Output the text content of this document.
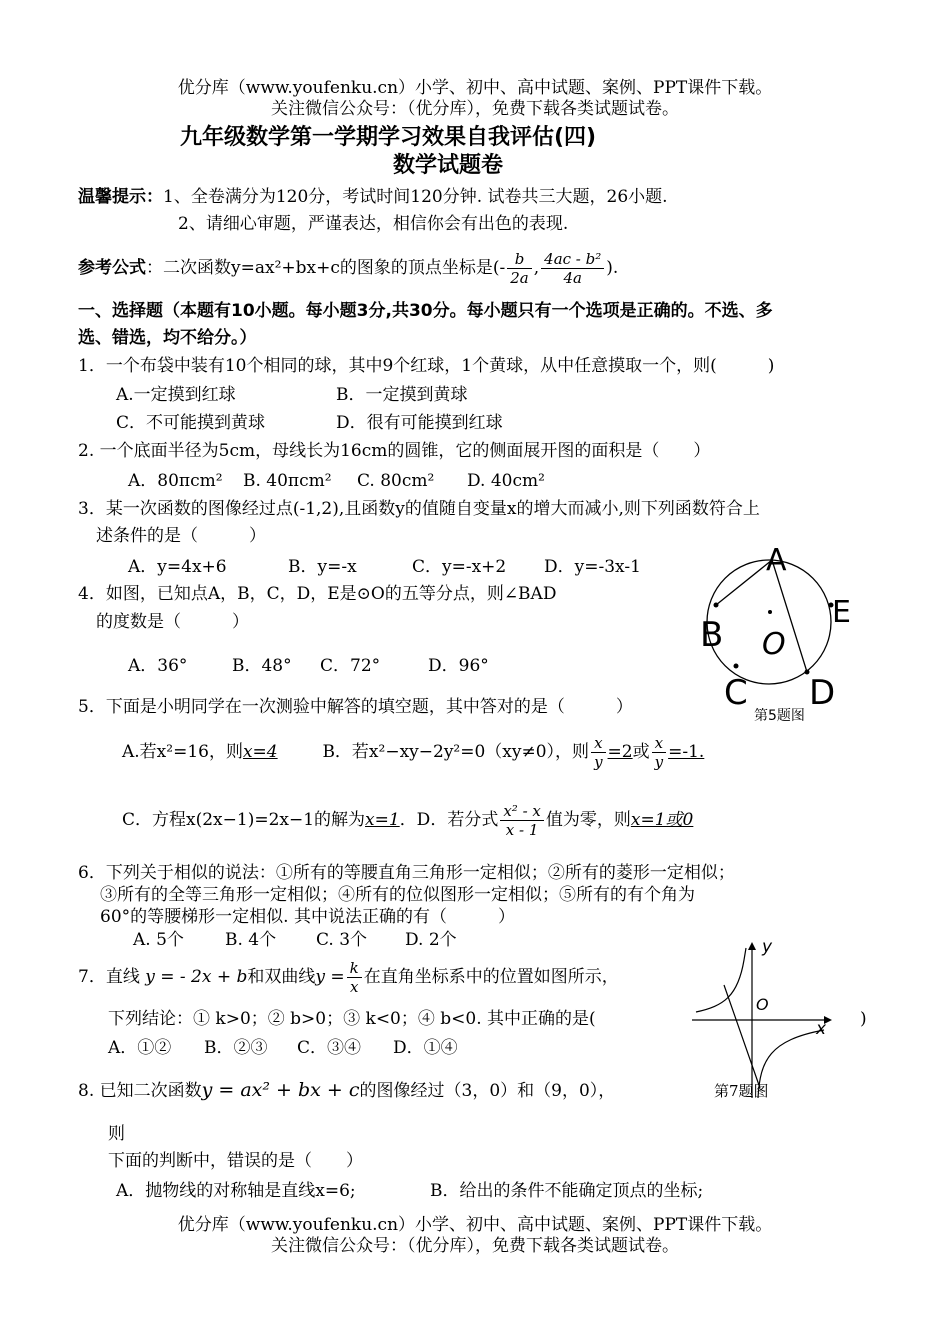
优分库（www.youfenku.cn）小学、初中、高中试题、案例、PPT课件下载。
关注微信公众号：（优分库），免费下载各类试题试卷。
九年级数学第一学期学习效果自我评估(四)
数学试题卷
温馨提示：1、全卷满分为120分，考试时间120分钟. 试卷共三大题，26小题.
2、请细心审题，严谨表达，相信你会有出色的表现.
参考公式：二次函数y=ax²+bx+c的图象的顶点坐标是(- $\frac{b}{2a}$ , $\frac{\text{4ac - b²}}{4a}$ ).
一、选择题（本题有10小题。每小题3分,共30分。每小题只有一个选项是正确的。不选、多
选、错选，均不给分。）
1．一个布袋中装有10个相同的球，其中9个红球，1个黄球，从中任意摸取一个，则(　　　)
A.一定摸到红球	B．一定摸到黄球
C．不可能摸到黄球	D．很有可能摸到红球
2. 一个底面半径为5cm，母线长为16cm的圆锥，它的侧面展开图的面积是（　　）
A．80πcm² B. 40πcm² C. 80cm² D. 40cm²
3．某一次函数的图像经过点(-1,2),且函数y的值随自变量x的增大而减小,则下列函数符合上
述条件的是（　　　）
A．y=4x+6	B．y=-x	C．y=-x+2 D．y=-3x-1
4．如图，已知点A，B，C，D，E是⊙O的五等分点，则∠BAD
的度数是（　　　）
A．36°	B．48° C．72°	D．96°
A
B
E
O
C D
第5题图
5．下面是小明同学在一次测验中解答的填空题，其中答对的是（　　　）
A.若x²=16，则x=4	B．若x²−xy−2y²=0（xy≠0），则 $\frac{x}{y} =2$或 $\frac{x}{y} =-1$.
C．方程x(2x−1)=2x−1的解为x=1．D．若分式 $\frac{\text{x² - x}}{x - 1}$ 值为零，则x=1或0
6．下列关于相似的说法：①所有的等腰直角三角形一定相似；②所有的菱形一定相似；
③所有的全等三角形一定相似；④所有的位似图形一定相似；⑤所有的有个角为
60°的等腰梯形一定相似. 其中说法正确的有（　　　）
A. 5个 B. 4个 C. 3个 D. 2个
7．直线 y = - 2x + b和双曲线$y = \frac{k}{x}$ 在直角坐标系中的位置如图所示，
下列结论：① k>0；② b>0；③ k<0；④ b<0. 其中正确的是(	)
A．①② B．②③ C．③④ D．①④
y
x
O
第7题图
8. 已知二次函数y = ax² + bx + c的图像经过（3，0）和（9，0），
则
下面的判断中，错误的是（　　）
A．抛物线的对称轴是直线x=6;	B．给出的条件不能确定顶点的坐标;
优分库（www.youfenku.cn）小学、初中、高中试题、案例、PPT课件下载。
关注微信公众号：（优分库），免费下载各类试题试卷。
